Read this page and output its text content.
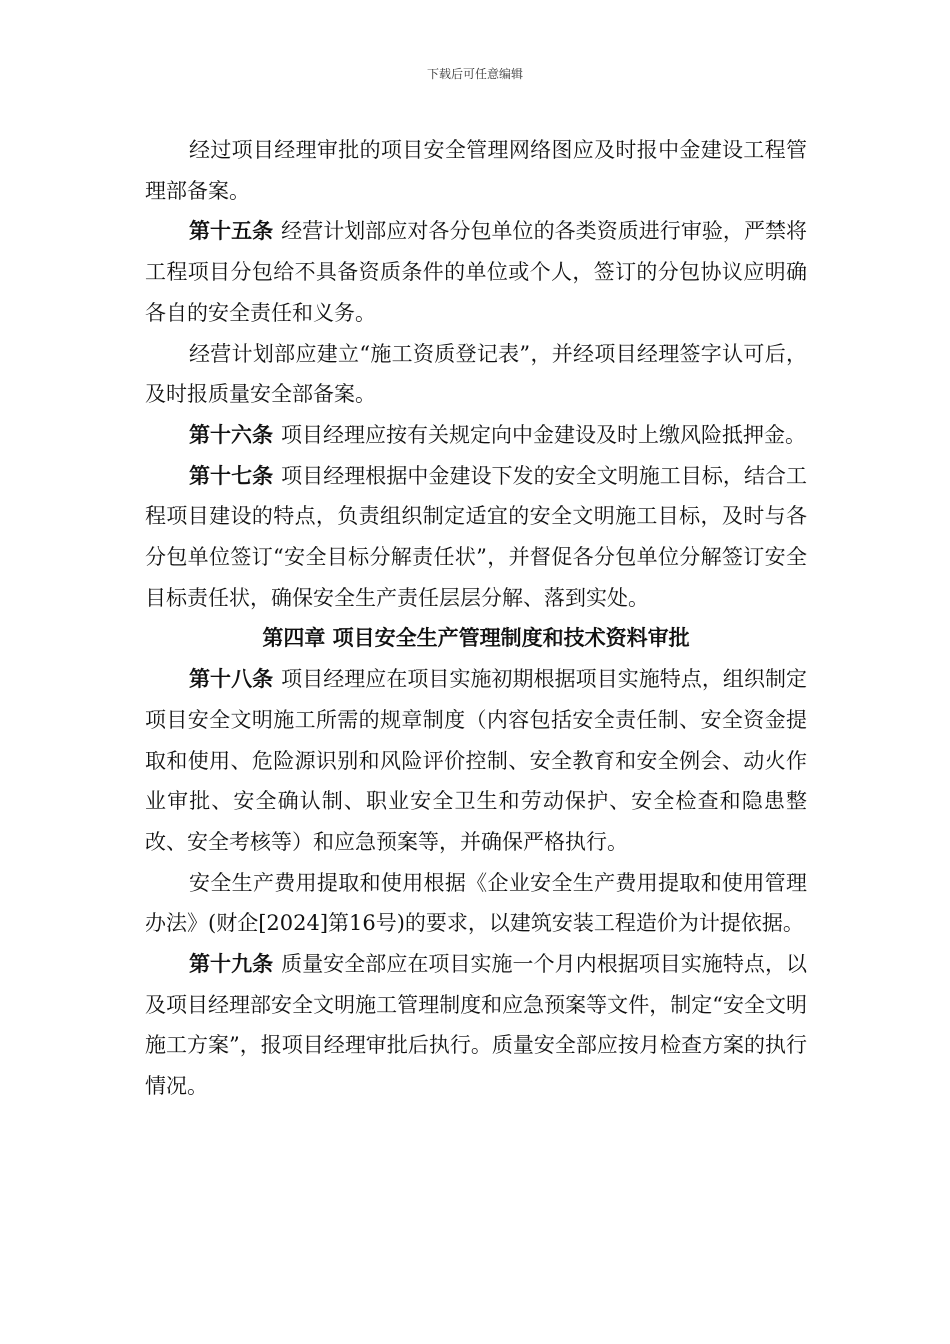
下载后可任意编辑

经过项目经理审批的项目安全管理网络图应及时报中金建设工程管理部备案。

第十五条 经营计划部应对各分包单位的各类资质进行审验，严禁将工程项目分包给不具备资质条件的单位或个人，签订的分包协议应明确各自的安全责任和义务。

经营计划部应建立“施工资质登记表”，并经项目经理签字认可后，及时报质量安全部备案。

第十六条 项目经理应按有关规定向中金建设及时上缴风险抵押金。

第十七条 项目经理根据中金建设下发的安全文明施工目标，结合工程项目建设的特点，负责组织制定适宜的安全文明施工目标，及时与各分包单位签订“安全目标分解责任状”，并督促各分包单位分解签订安全目标责任状，确保安全生产责任层层分解、落到实处。

第四章 项目安全生产管理制度和技术资料审批

第十八条 项目经理应在项目实施初期根据项目实施特点，组织制定项目安全文明施工所需的规章制度（内容包括安全责任制、安全资金提取和使用、危险源识别和风险评价控制、安全教育和安全例会、动火作业审批、安全确认制、职业安全卫生和劳动保护、安全检查和隐患整改、安全考核等）和应急预案等，并确保严格执行。

安全生产费用提取和使用根据《企业安全生产费用提取和使用管理办法》(财企[2024]第16号)的要求，以建筑安装工程造价为计提依据。

第十九条 质量安全部应在项目实施一个月内根据项目实施特点，以及项目经理部安全文明施工管理制度和应急预案等文件，制定“安全文明施工方案”，报项目经理审批后执行。质量安全部应按月检查方案的执行情况。
